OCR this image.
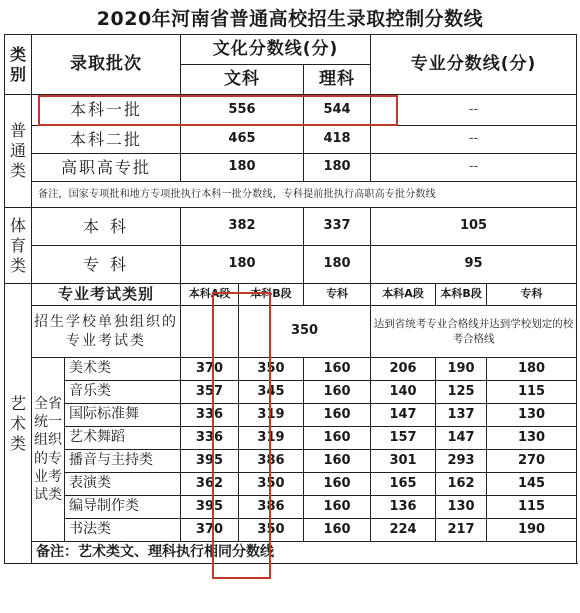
2020年河南省普通高校招生录取控制分数线
类别	录取批次		文化分数线(分)			专业分数线(分)		
			文科		理科			
普通类	本科一批		556		544	--		
	本科二批		465		418	--		
	高职高专批		180		180	--		
	备注，国家专项批和地方专项批执行本科一批分数线，专科提前批执行高职高专批分数线							
体育类	本 科		382		337	105		
	专 科		180		180	95		
艺术类	专业考试类别		本科A段	本科B段	专科	本科A段	本科B段	专科
	招生学校单独组织的专业考试类			350		达到省统考专业合格线并达到学校划定的校考合格线		
	全省统一组织的专业考试类	美术类	370	350	160	206	190	180
		音乐类	357	345	160	140	125	115
		国际标准舞	336	319	160	147	137	130
		艺术舞蹈	336	319	160	157	147	130
		播音与主持类	395	386	160	301	293	270
		表演类	362	350	160	165	162	145
		编导制作类	395	386	160	136	130	115
		书法类	370	350	160	224	217	190
	备注：艺术类文、理科执行相同分数线							
